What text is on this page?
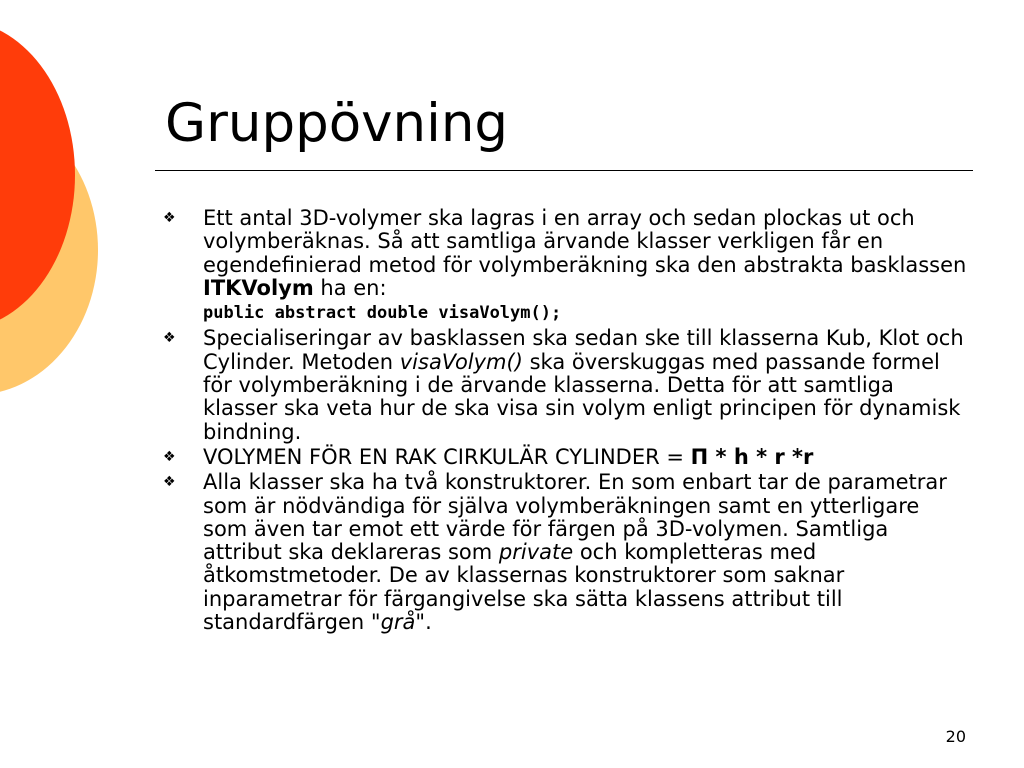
Gruppövning
❖ Ett antal 3D-volymer ska lagras i en array och sedan plockas ut och volymberäknas. Så att samtliga ärvande klasser verkligen får en egendefinierad metod för volymberäkning ska den abstrakta basklassen ITKVolym ha en:
public abstract double visaVolym();
❖ Specialiseringar av basklassen ska sedan ske till klasserna Kub, Klot och Cylinder. Metoden visaVolym() ska överskuggas med passande formel för volymberäkning i de ärvande klasserna. Detta för att samtliga klasser ska veta hur de ska visa sin volym enligt principen för dynamisk bindning.
❖ VOLYMEN FÖR EN RAK CIRKULÄR CYLINDER = Π * h * r *r
❖ Alla klasser ska ha två konstruktorer. En som enbart tar de parametrar som är nödvändiga för själva volymberäkningen samt en ytterligare som även tar emot ett värde för färgen på 3D-volymen. Samtliga attribut ska deklareras som private och kompletteras med åtkomstmetoder. De av klassernas konstruktorer som saknar inparametrar för färgangivelse ska sätta klassens attribut till standardfärgen "grå".
20
